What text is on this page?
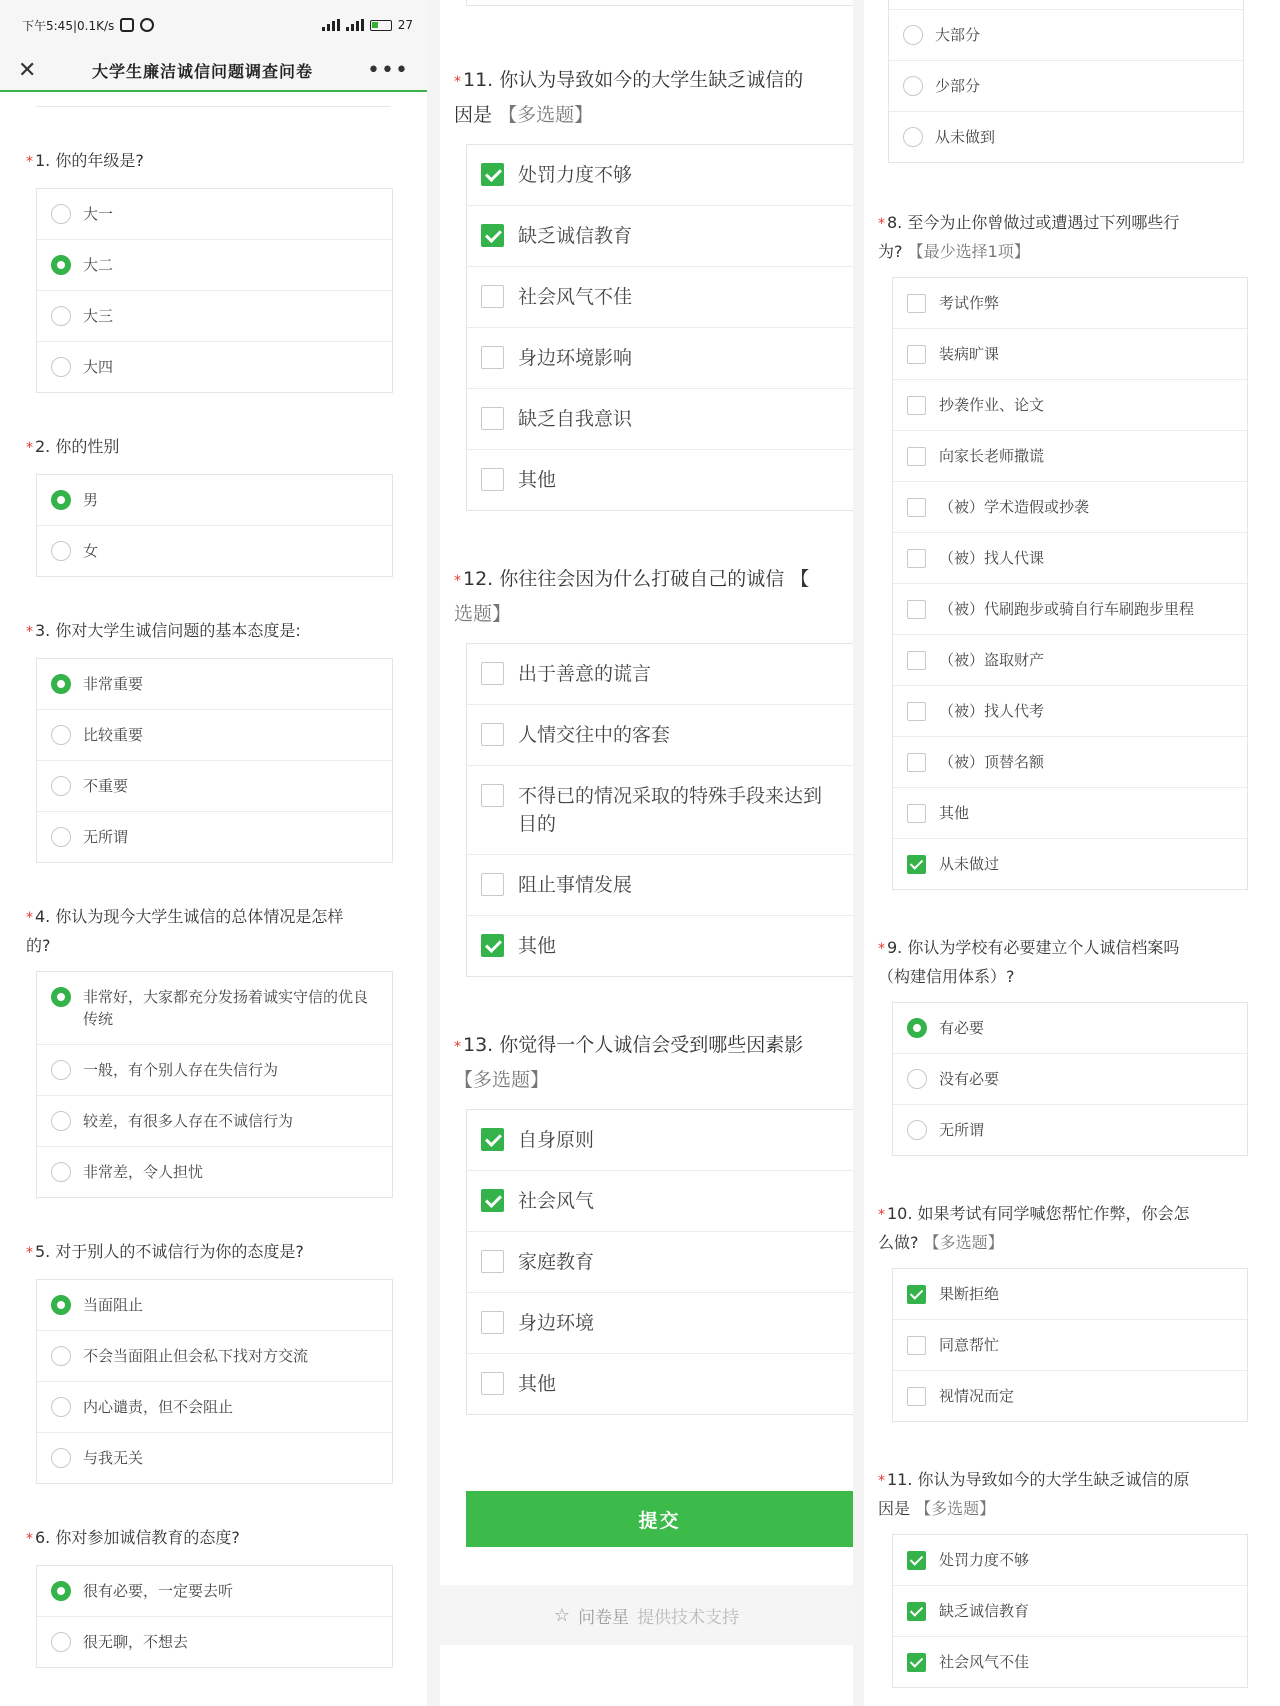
下午5:45|0.1K/s	27
✕	大学生廉洁诚信问题调查问卷 •••
* 1. 你的年级是?
大一
大二
大三
大四
* 2. 你的性别
男
女
* 3. 你对大学生诚信问题的基本态度是:
非常重要
比较重要
不重要
无所谓
* 4. 你认为现今大学生诚信的总体情况是怎样
的?
非常好，大家都充分发扬着诚实守信的优良传统
一般，有个别人存在失信行为
较差，有很多人存在不诚信行为
非常差，令人担忧
* 5. 对于别人的不诚信行为你的态度是?
当面阻止
不会当面阻止但会私下找对方交流
内心谴责，但不会阻止
与我无关
* 6. 你对参加诚信教育的态度?
很有必要，一定要去听
很无聊，不想去
* 11. 你认为导致如今的大学生缺乏诚信的
因是 【多选题】
处罚力度不够
缺乏诚信教育
社会风气不佳
身边环境影响
缺乏自我意识
其他
* 12. 你往往会因为什么打破自己的诚信 【
选题】
出于善意的谎言
人情交往中的客套
不得已的情况采取的特殊手段来达到目的
阻止事情发展
其他
* 13. 你觉得一个人诚信会受到哪些因素影
【多选题】
自身原则
社会风气
家庭教育
身边环境
其他
提交
☆ 问卷星 提供技术支持
大部分
少部分
从未做到
* 8. 至今为止你曾做过或遭遇过下列哪些行
为? 【最少选择1项】
考试作弊
装病旷课
抄袭作业、论文
向家长老师撒谎
（被）学术造假或抄袭
（被）找人代课
（被）代刷跑步或骑自行车刷跑步里程
（被）盗取财产
（被）找人代考
（被）顶替名额
其他
从未做过
* 9. 你认为学校有必要建立个人诚信档案吗
（构建信用体系）?
有必要
没有必要
无所谓
* 10. 如果考试有同学喊您帮忙作弊，你会怎
么做? 【多选题】
果断拒绝
同意帮忙
视情况而定
* 11. 你认为导致如今的大学生缺乏诚信的原
因是 【多选题】
处罚力度不够
缺乏诚信教育
社会风气不佳
